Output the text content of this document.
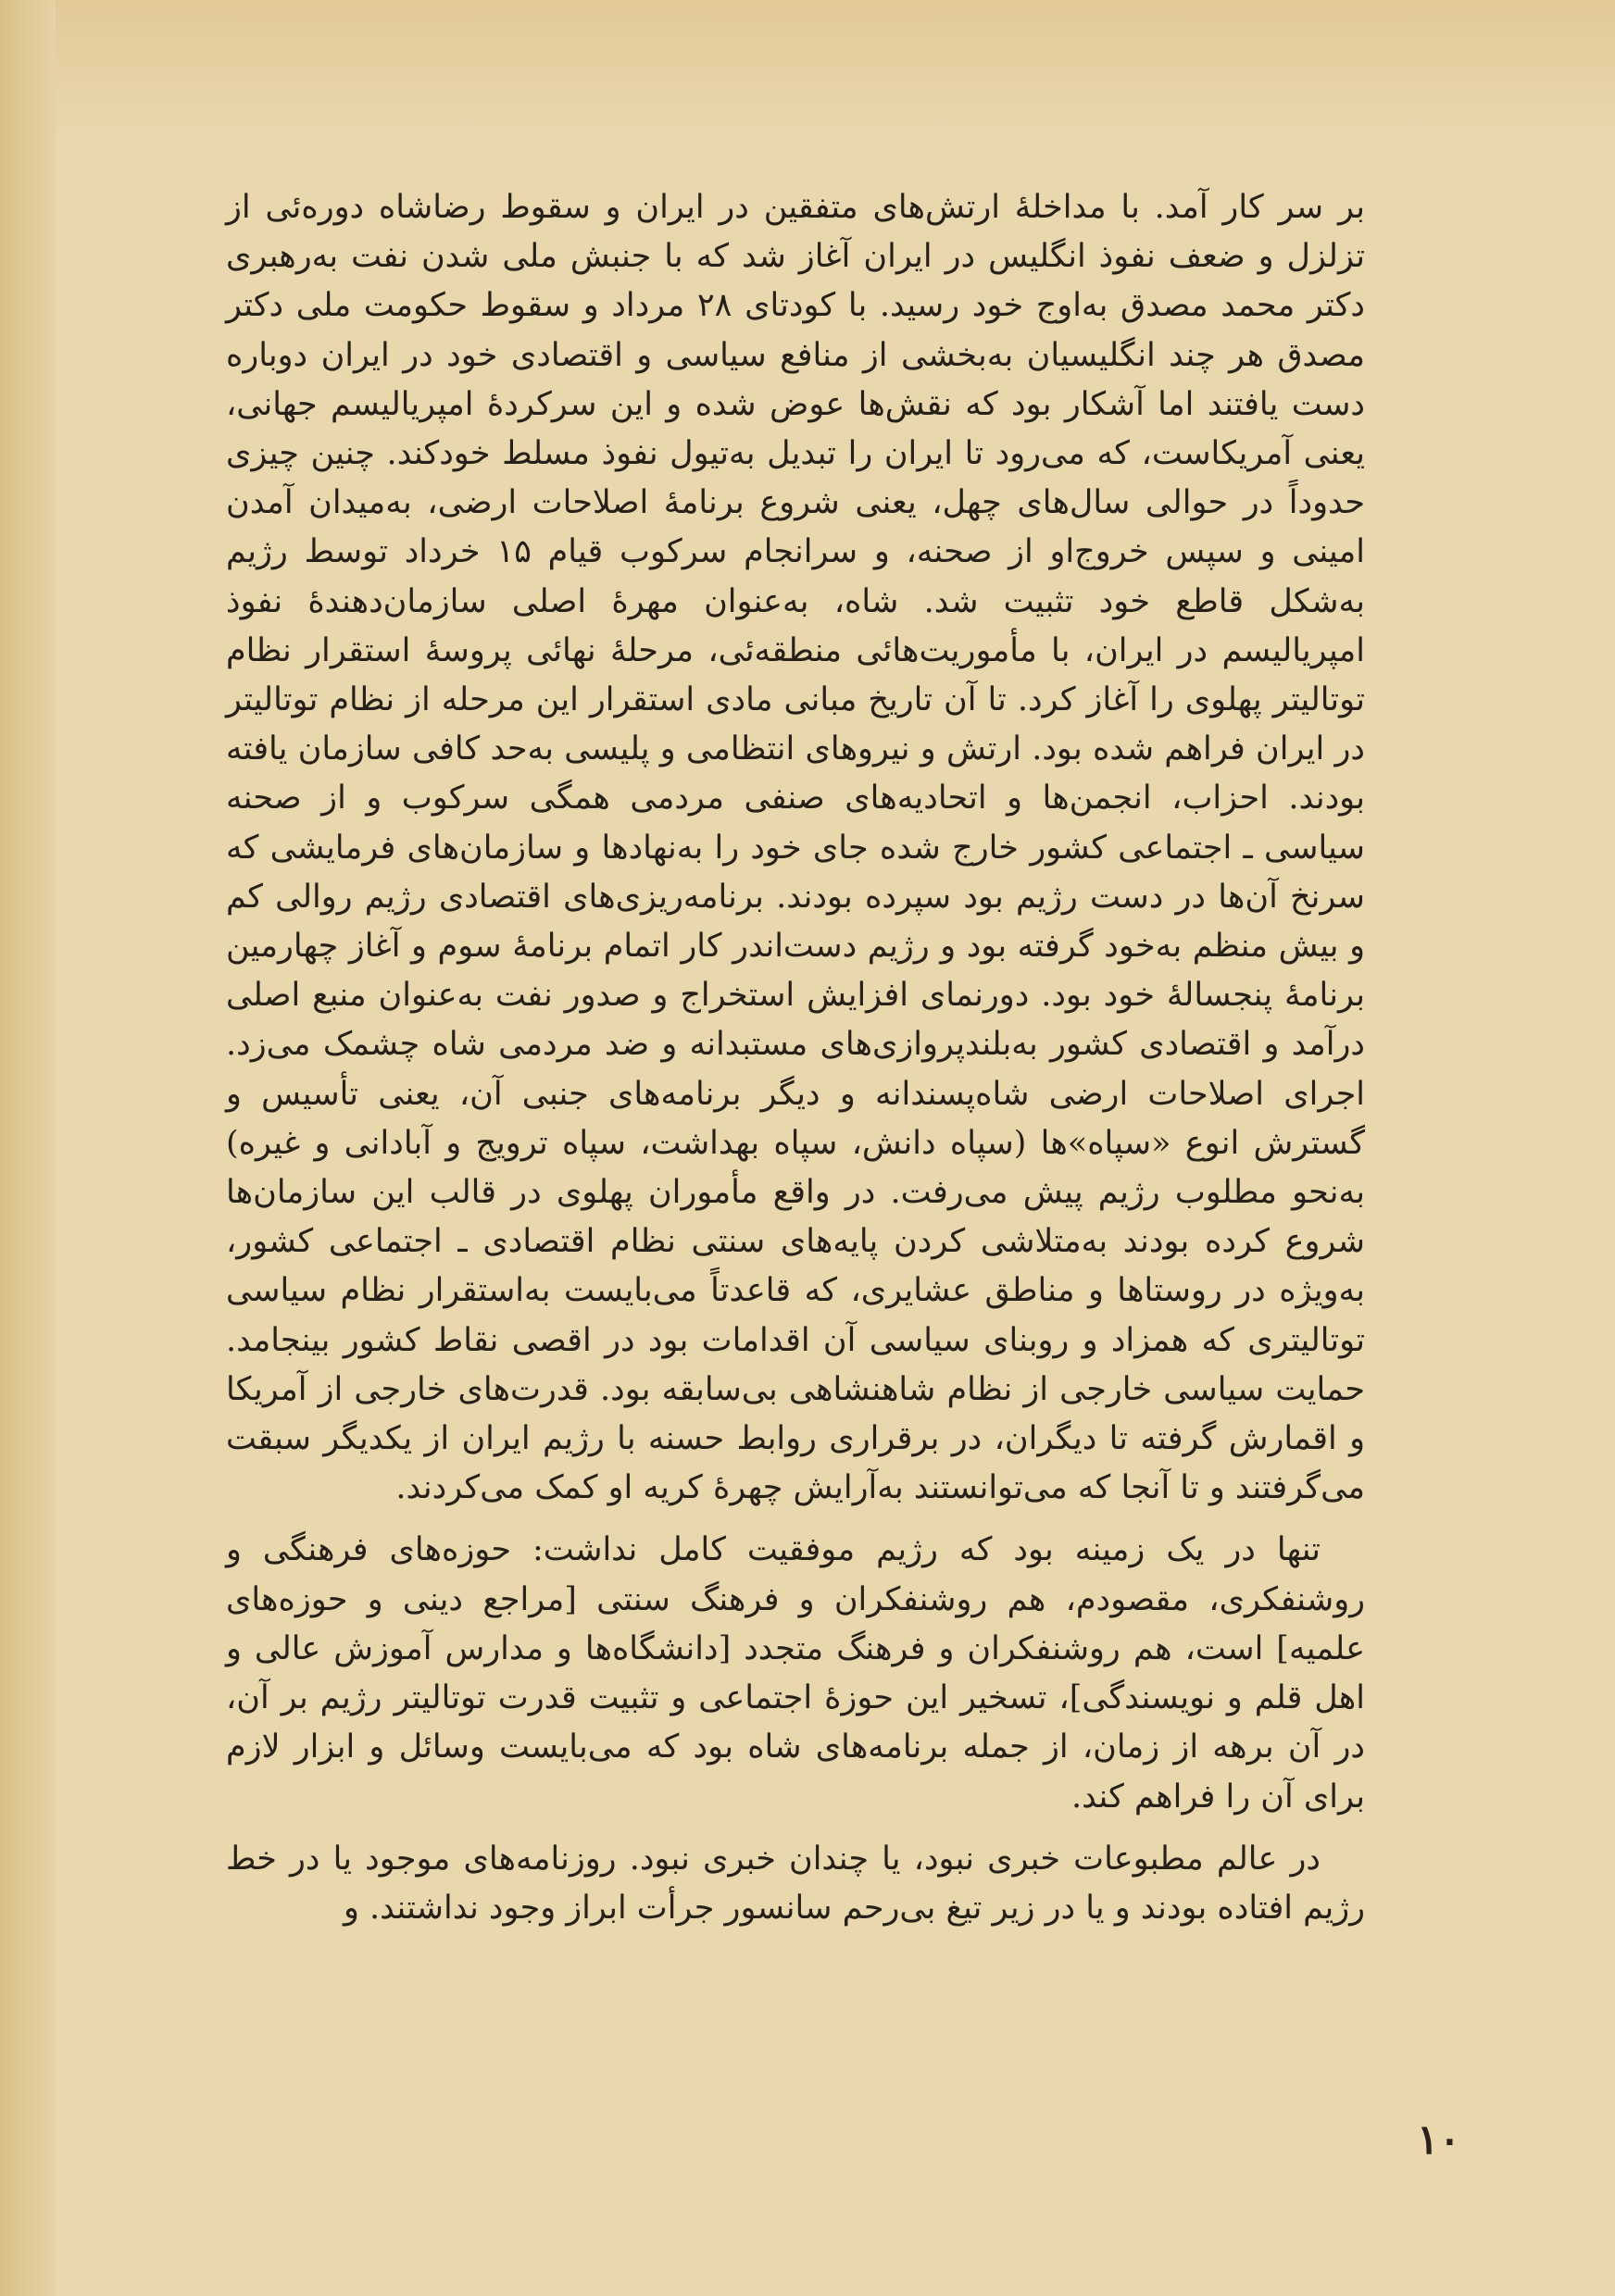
بر سر کار آمد. با مداخلهٔ ارتش‌های متفقین در ایران و سقوط رضاشاه دوره‌ئی از تزلزل و ضعف نفوذ انگلیس در ایران آغاز شد که با جنبش ملی شدن نفت به‌رهبری دکتر محمد مصدق به‌اوج خود رسید. با کودتای ۲۸ مرداد و سقوط حکومت ملی دکتر مصدق هر چند انگلیسیان به‌بخشی از منافع سیاسی و اقتصادی خود در ایران دوباره دست یافتند اما آشکار بود که نقش‌ها عوض شده و این سرکردهٔ امپریالیسم جهانی، یعنی آمریکاست، که می‌رود تا ایران را تبدیل به‌تیول نفوذ مسلط خودکند. چنین چیزی حدوداً در حوالی سال‌های چهل، یعنی شروع برنامهٔ اصلاحات ارضی، به‌میدان آمدن امینی و سپس خروج‌او از صحنه، و سرانجام سرکوب قیام ۱۵ خرداد توسط رژیم به‌شکل قاطع خود تثبیت شد. شاه، به‌عنوان مهرهٔ اصلی سازمان‌دهندهٔ نفوذ امپریالیسم در ایران، با مأموریت‌هائی منطقه‌ئی، مرحلهٔ نهائی پروسهٔ استقرار نظام توتالیتر پهلوی را آغاز کرد. تا آن تاریخ مبانی مادی استقرار این مرحله از نظام توتالیتر در ایران فراهم شده بود. ارتش و نیروهای انتظامی و پلیسی به‌حد کافی سازمان یافته بودند. احزاب، انجمن‌ها و اتحادیه‌های صنفی مردمی همگی سرکوب و از صحنه سیاسی ـ اجتماعی کشور خارج شده جای خود را به‌نهادها و سازمان‌های فرمایشی که سرنخ آن‌ها در دست رژیم بود سپرده بودند. برنامه‌ریزی‌های اقتصادی رژیم روالی کم و بیش منظم به‌خود گرفته بود و رژیم دست‌اندر کار اتمام برنامهٔ سوم و آغاز چهارمین برنامهٔ پنجسالهٔ خود بود. دورنمای افزایش استخراج و صدور نفت به‌عنوان منبع اصلی درآمد و اقتصادی کشور به‌بلندپروازی‌های مستبدانه و ضد مردمی شاه چشمک می‌زد. اجرای اصلاحات ارضی شاه‌پسندانه و دیگر برنامه‌های جنبی آن، یعنی تأسیس و گسترش انوع «سپاه»ها (سپاه دانش، سپاه بهداشت، سپاه ترویج و آبادانی و غیره) به‌نحو مطلوب رژیم پیش می‌رفت. در واقع مأموران پهلوی در قالب این سازمان‌ها شروع کرده بودند به‌متلاشی کردن پایه‌های سنتی نظام اقتصادی ـ اجتماعی کشور، به‌ویژه در روستاها و مناطق عشایری، که قاعدتاً می‌بایست به‌استقرار نظام سیاسی توتالیتری که همزاد و روبنای سیاسی آن اقدامات بود در اقصی نقاط کشور بینجامد. حمایت سیاسی خارجی از نظام شاهنشاهی بی‌سابقه بود. قدرت‌های خارجی از آمریکا و اقمارش گرفته تا دیگران، در برقراری روابط حسنه با رژیم ایران از یکدیگر سبقت می‌گرفتند و تا آنجا که می‌توانستند به‌آرایش چهرهٔ کریه او کمک می‌کردند.

تنها در یک زمینه بود که رژیم موفقیت کامل نداشت: حوزه‌های فرهنگی و روشنفکری، مقصودم، هم روشنفکران و فرهنگ سنتی [مراجع دینی و حوزه‌های علمیه] است، هم روشنفکران و فرهنگ متجدد [دانشگاه‌ها و مدارس آموزش عالی و اهل قلم و نویسندگی]، تسخیر این حوزهٔ اجتماعی و تثبیت قدرت توتالیتر رژیم بر آن، در آن برهه از زمان، از جمله برنامه‌های شاه بود که می‌بایست وسائل و ابزار لازم برای آن را فراهم کند.

در عالم مطبوعات خبری نبود، یا چندان خبری نبود. روزنامه‌های موجود یا در خط رژیم افتاده بودند و یا در زیر تیغ بی‌رحم سانسور جرأت ابراز وجود نداشتند. و

۱۰
